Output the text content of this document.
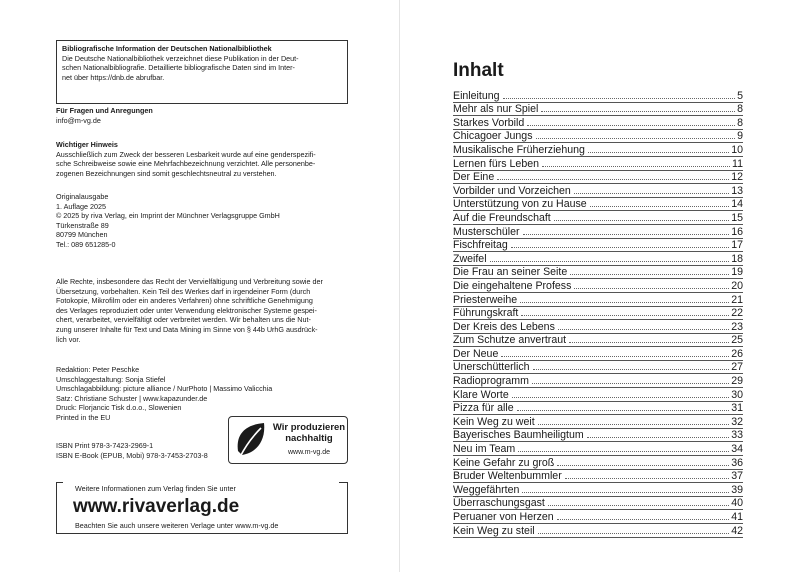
Bibliografische Information der Deutschen Nationalbibliothek

Die Deutsche Nationalbibliothek verzeichnet diese Publikation in der Deut-

schen Nationalbibliografie. Detaillierte bibliografische Daten sind im Inter-

net über https://dnb.de abrufbar.

Für Fragen und Anregungen

info@m-vg.de

Wichtiger Hinweis

Ausschließlich zum Zweck der besseren Lesbarkeit wurde auf eine genderspezifi-

sche Schreibweise sowie eine Mehrfachbezeichnung verzichtet. Alle personenbe-

zogenen Bezeichnungen sind somit geschlechtsneutral zu verstehen.

Originalausgabe

1. Auflage 2025

© 2025 by riva Verlag, ein Imprint der Münchner Verlagsgruppe GmbH

Türkenstraße 89

80799 München

Tel.: 089 651285-0

Alle Rechte, insbesondere das Recht der Vervielfältigung und Verbreitung sowie der

Übersetzung, vorbehalten. Kein Teil des Werkes darf in irgendeiner Form (durch

Fotokopie, Mikrofilm oder ein anderes Verfahren) ohne schriftliche Genehmigung

des Verlages reproduziert oder unter Verwendung elektronischer Systeme gespei-

chert, verarbeitet, vervielfältigt oder verbreitet werden. Wir behalten uns die Nut-

zung unserer Inhalte für Text und Data Mining im Sinne von § 44b UrhG ausdrück-

lich vor.

Redaktion: Peter Peschke

Umschlaggestaltung: Sonja Stiefel

Umschlagabbildung: picture alliance / NurPhoto | Massimo Valicchia

Satz: Christiane Schuster | www.kapazunder.de

Druck: Florjancic Tisk d.o.o., Slowenien

Printed in the EU

ISBN Print 978-3-7423-2969-1

ISBN E-Book (EPUB, Mobi) 978-3-7453-2703-8

Wir produzieren
nachhaltig
www.m-vg.de
Weitere Informationen zum Verlag finden Sie unter
www.rivaverlag.de
Beachten Sie auch unsere weiteren Verlage unter www.m-vg.de
Inhalt
Einleitung	5
Mehr als nur Spiel	8
Starkes Vorbild	8
Chicagoer Jungs	9
Musikalische Früherziehung	10
Lernen fürs Leben	11
Der Eine	12
Vorbilder und Vorzeichen	13
Unterstützung von zu Hause	14
Auf die Freundschaft	15
Musterschüler	16
Fischfreitag	17
Zweifel	18
Die Frau an seiner Seite	19
Die eingehaltene Profess	20
Priesterweihe	21
Führungskraft	22
Der Kreis des Lebens	23
Zum Schutze anvertraut	25
Der Neue	26
Unerschütterlich	27
Radioprogramm	29
Klare Worte	30
Pizza für alle	31
Kein Weg zu weit	32
Bayerisches Baumheiligtum	33
Neu im Team	34
Keine Gefahr zu groß	36
Bruder Weltenbummler	37
Weggefährten	39
Überraschungsgast	40
Peruaner von Herzen	41
Kein Weg zu steil	42
